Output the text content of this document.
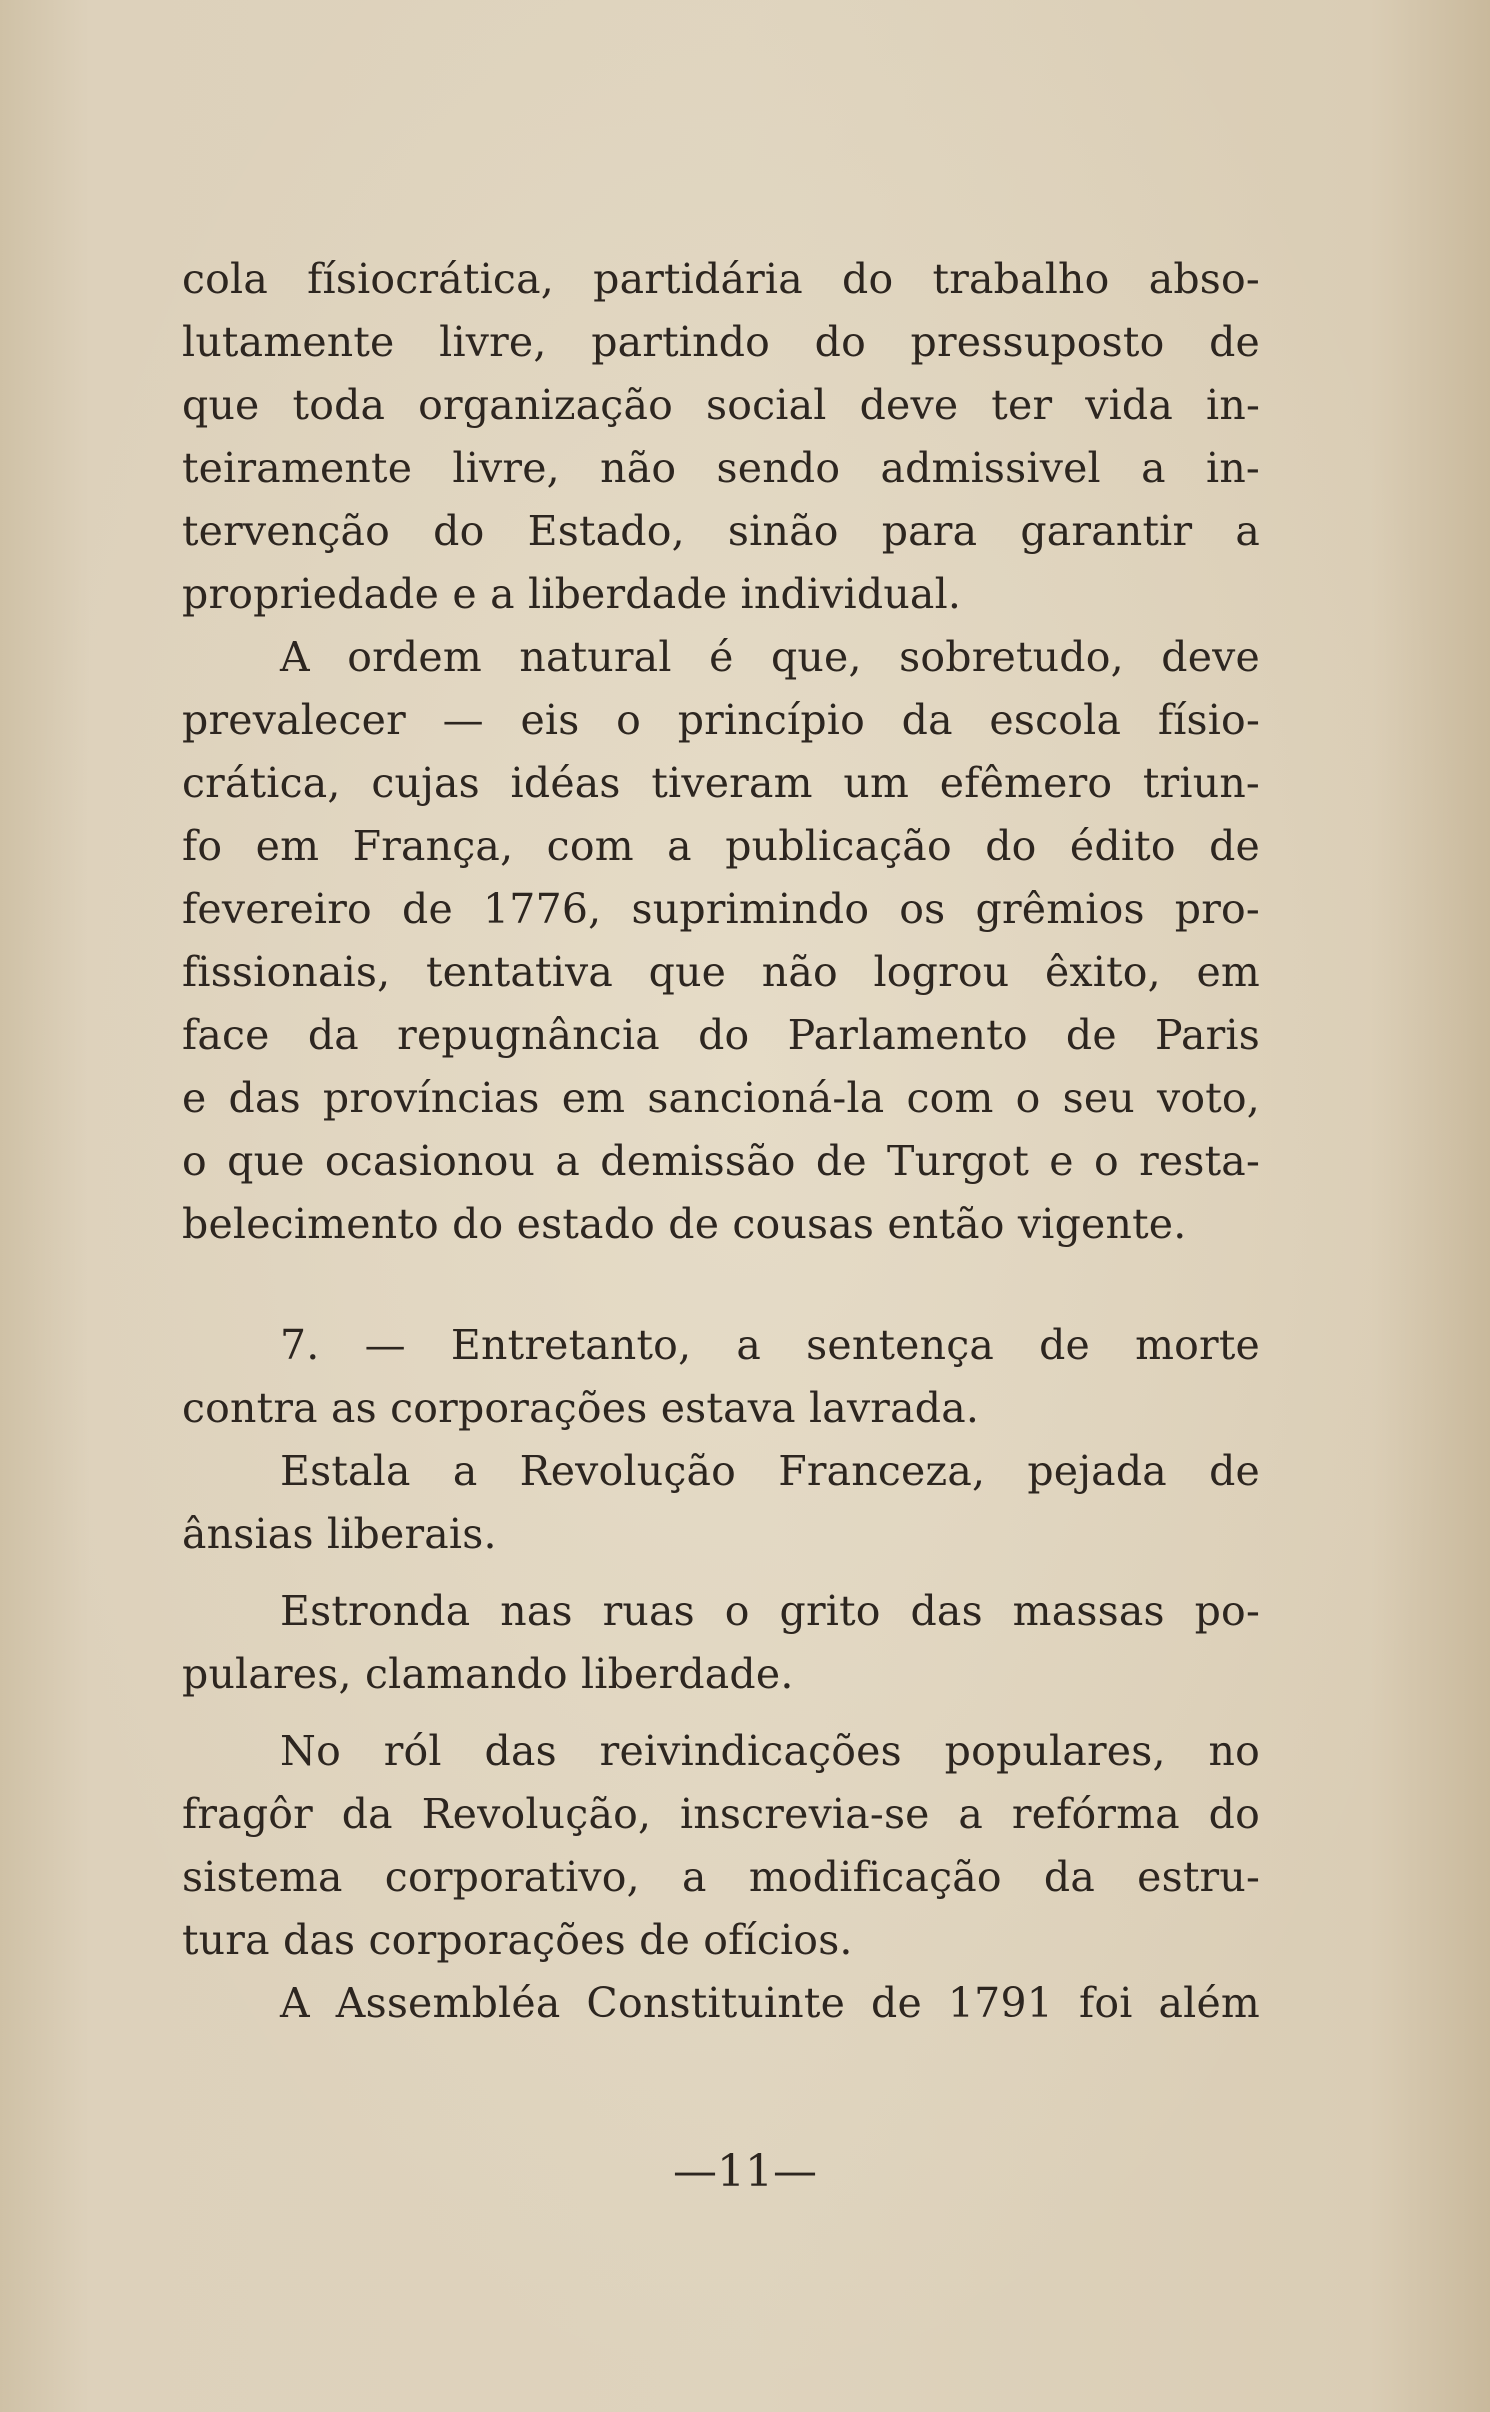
cola físiocrática, partidária do trabalho abso-
lutamente livre, partindo do pressuposto de
que toda organização social deve ter vida in-
teiramente livre, não sendo admissivel a in-
tervenção do Estado, sinão para garantir a
propriedade e a liberdade individual.
A ordem natural é que, sobretudo, deve
prevalecer — eis o princípio da escola físio-
crática, cujas idéas tiveram um efêmero triun-
fo em França, com a publicação do édito de
fevereiro de 1776, suprimindo os grêmios pro-
fissionais, tentativa que não logrou êxito, em
face da repugnância do Parlamento de Paris
e das províncias em sancioná-la com o seu voto,
o que ocasionou a demissão de Turgot e o resta-
belecimento do estado de cousas então vigente.
7. — Entretanto, a sentença de morte
contra as corporações estava lavrada.
Estala a Revolução Franceza, pejada de
ânsias liberais.
Estronda nas ruas o grito das massas po-
pulares, clamando liberdade.
No ról das reivindicações populares, no
fragôr da Revolução, inscrevia-se a refórma do
sistema corporativo, a modificação da estru-
tura das corporações de ofícios.
A Assembléa Constituinte de 1791 foi além
—11—
